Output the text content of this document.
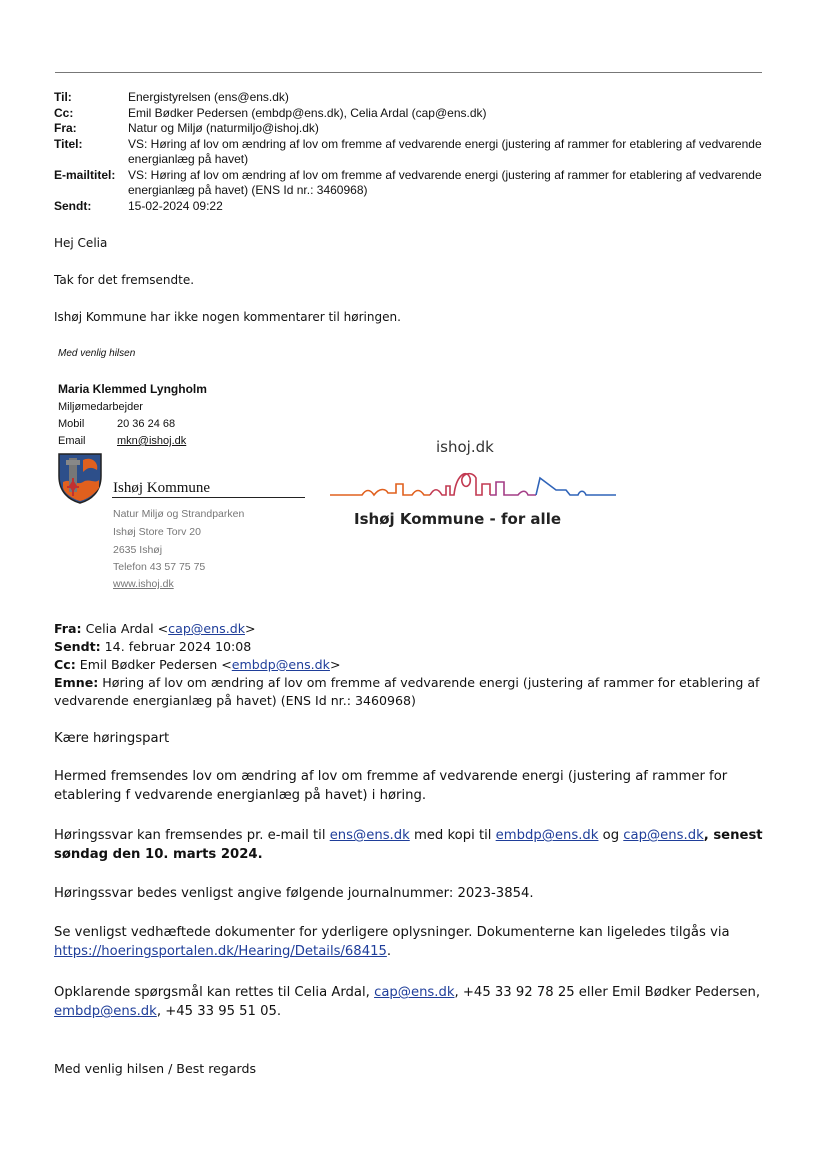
Til:	Energistyrelsen (ens@ens.dk)
Cc:	Emil Bødker Pedersen (embdp@ens.dk), Celia Ardal (cap@ens.dk)
Fra:	Natur og Miljø (naturmiljo@ishoj.dk)
Titel:	VS: Høring af lov om ændring af lov om fremme af vedvarende energi (justering af rammer for etablering af vedvarende energianlæg på havet)
E-mailtitel:	VS: Høring af lov om ændring af lov om fremme af vedvarende energi (justering af rammer for etablering af vedvarende energianlæg på havet) (ENS Id nr.: 3460968)
Sendt:	15-02-2024 09:22
Hej Celia
Tak for det fremsendte.
Ishøj Kommune har ikke nogen kommentarer til høringen.
Med venlig hilsen
Maria Klemmed Lyngholm
Miljømedarbejder
Mobil	20 36 24 68
Email	mkn@ishoj.dk
Ishøj Kommune
Natur Miljø og Strandparken
Ishøj Store Torv 20
2635 Ishøj
Telefon 43 57 75 75
www.ishoj.dk
ishoj.dk
Ishøj Kommune - for alle
Fra: Celia Ardal <cap@ens.dk>
Sendt: 14. februar 2024 10:08
Cc: Emil Bødker Pedersen <embdp@ens.dk>
Emne: Høring af lov om ændring af lov om fremme af vedvarende energi (justering af rammer for etablering af vedvarende energianlæg på havet) (ENS Id nr.: 3460968)
Kære høringspart
Hermed fremsendes lov om ændring af lov om fremme af vedvarende energi (justering af rammer for etablering f vedvarende energianlæg på havet) i høring.
Høringssvar kan fremsendes pr. e-mail til ens@ens.dk med kopi til embdp@ens.dk og cap@ens.dk, senest søndag den 10. marts 2024.
Høringssvar bedes venligst angive følgende journalnummer: 2023-3854.
Se venligst vedhæftede dokumenter for yderligere oplysninger. Dokumenterne kan ligeledes tilgås via https://hoeringsportalen.dk/Hearing/Details/68415.
Opklarende spørgsmål kan rettes til Celia Ardal, cap@ens.dk, +45 33 92 78 25 eller Emil Bødker Pedersen, embdp@ens.dk, +45 33 95 51 05.
Med venlig hilsen / Best regards
